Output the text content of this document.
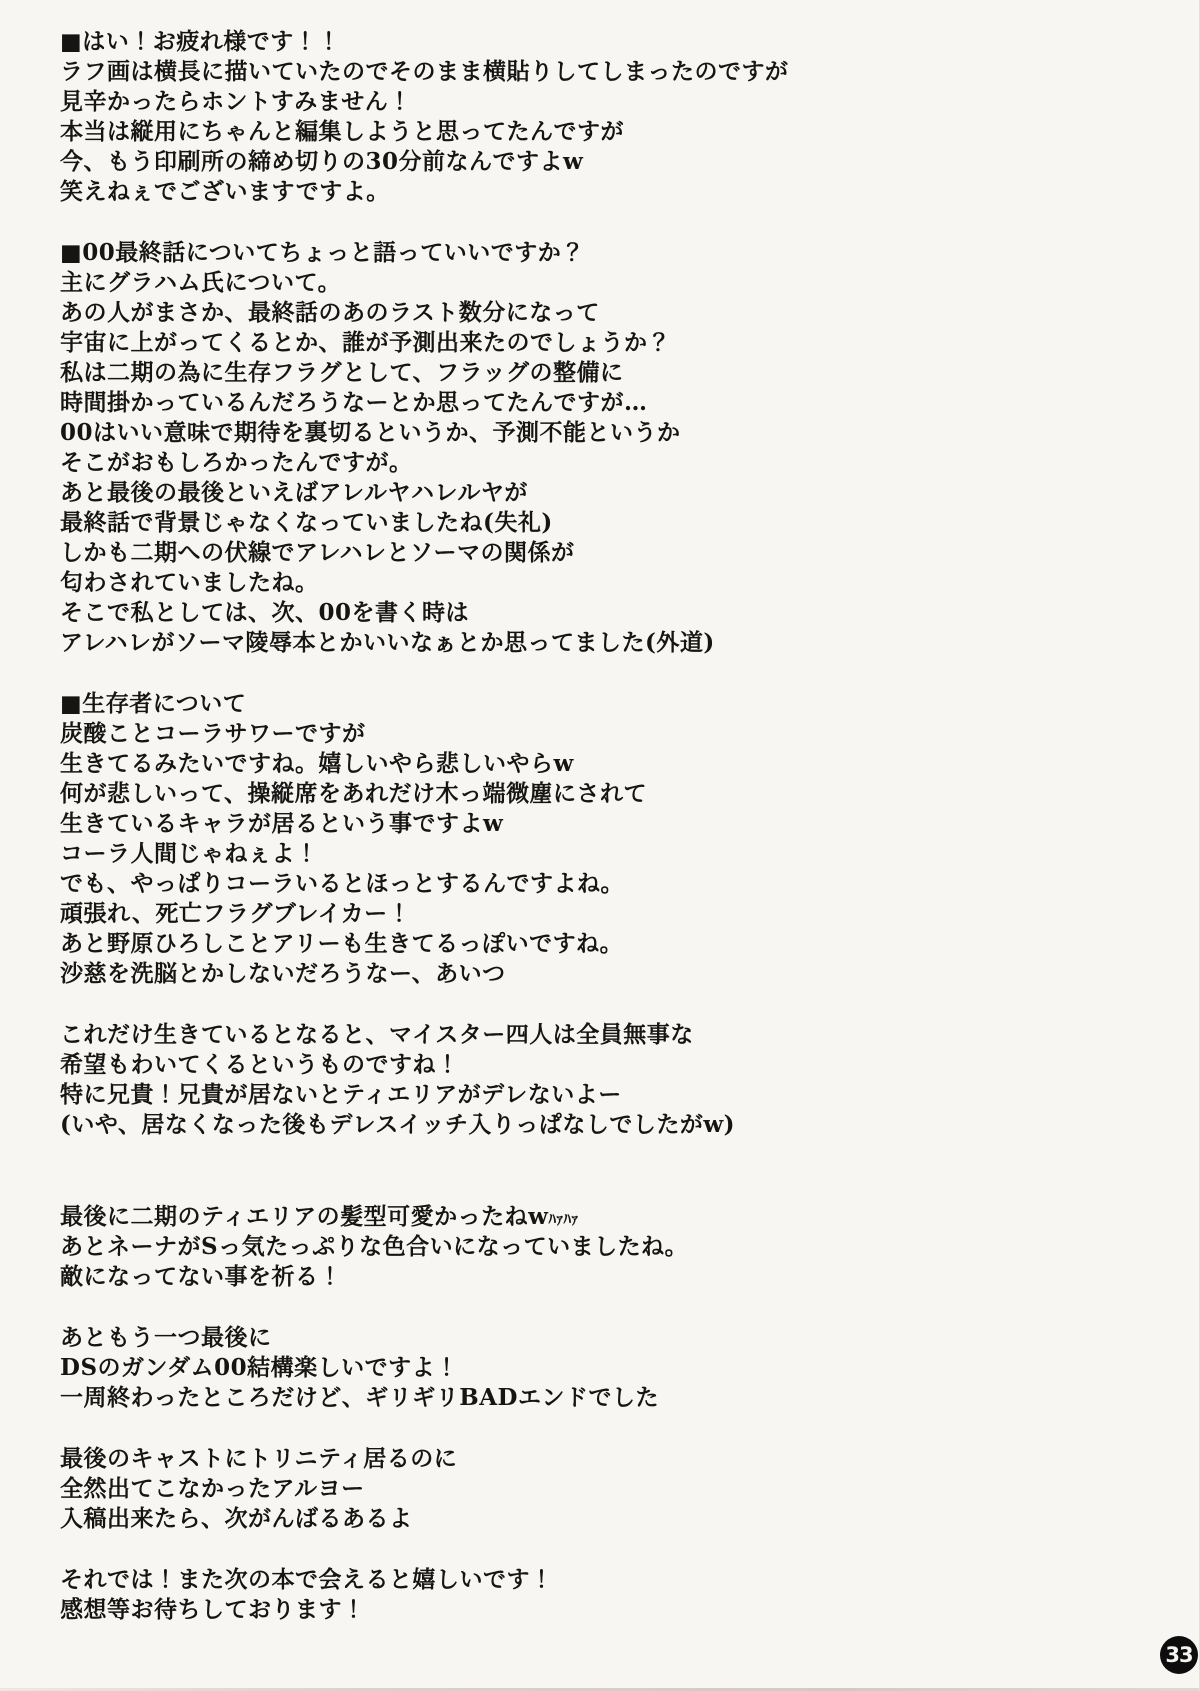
■はい！お疲れ様です！！
ラフ画は横長に描いていたのでそのまま横貼りしてしまったのですが
見辛かったらホントすみません！
本当は縦用にちゃんと編集しようと思ってたんですが
今、もう印刷所の締め切りの30分前なんですよw
笑えねぇでございますですよ。
■00最終話についてちょっと語っていいですか？
主にグラハム氏について。
あの人がまさか、最終話のあのラスト数分になって
宇宙に上がってくるとか、誰が予測出来たのでしょうか？
私は二期の為に生存フラグとして、フラッグの整備に
時間掛かっているんだろうなーとか思ってたんですが…
00はいい意味で期待を裏切るというか、予測不能というか
そこがおもしろかったんですが。
あと最後の最後といえばアレルヤハレルヤが
最終話で背景じゃなくなっていましたね(失礼)
しかも二期への伏線でアレハレとソーマの関係が
匂わされていましたね。
そこで私としては、次、00を書く時は
アレハレがソーマ陵辱本とかいいなぁとか思ってました(外道)
■生存者について
炭酸ことコーラサワーですが
生きてるみたいですね。嬉しいやら悲しいやらw
何が悲しいって、操縦席をあれだけ木っ端微塵にされて
生きているキャラが居るという事ですよw
コーラ人間じゃねぇよ！
でも、やっぱりコーラいるとほっとするんですよね。
頑張れ、死亡フラグブレイカー！
あと野原ひろしことアリーも生きてるっぽいですね。
沙慈を洗脳とかしないだろうなー、あいつ
これだけ生きているとなると、マイスター四人は全員無事な
希望もわいてくるというものですね！
特に兄貴！兄貴が居ないとティエリアがデレないよー
(いや、居なくなった後もデレスイッチ入りっぱなしでしたがw)
最後に二期のティエリアの髪型可愛かったねwﾊｧﾊｧ
あとネーナがSっ気たっぷりな色合いになっていましたね。
敵になってない事を祈る！
あともう一つ最後に
DSのガンダム00結構楽しいですよ！
一周終わったところだけど、ギリギリBADエンドでした
最後のキャストにトリニティ居るのに
全然出てこなかったアルヨー
入稿出来たら、次がんばるあるよ
それでは！また次の本で会えると嬉しいです！
感想等お待ちしております！
33
